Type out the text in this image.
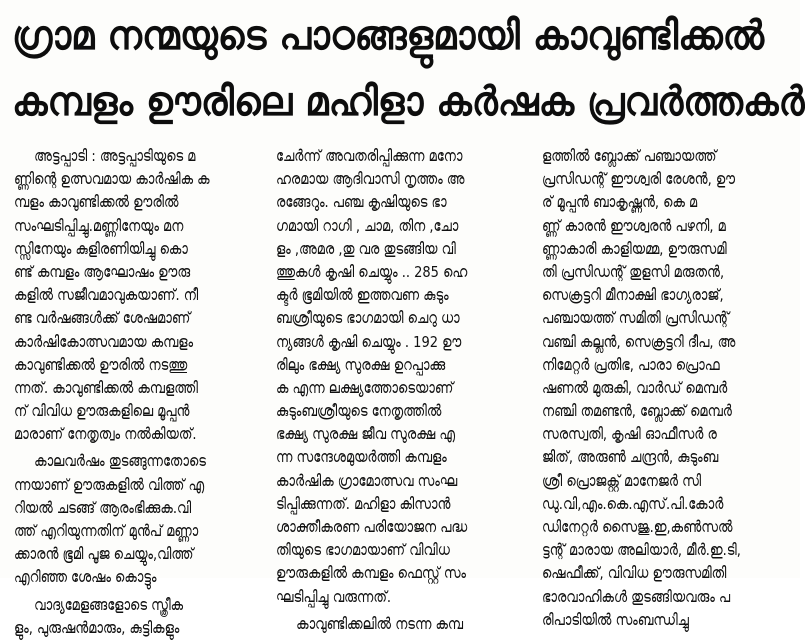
ഗ്രാമ നന്മയുടെ പാഠങ്ങളുമായി കാവുണ്ടിക്കൽ
കമ്പളം ഊരിലെ മഹിളാ കർഷക പ്രവർത്തകർ
അട്ടപ്പാടി : അട്ടപ്പാടിയുടെ മ
ണ്ണിന്റെ ഉത്സവമായ കാർഷിക ക
മ്പളം കാവുണ്ടിക്കൽ ഊരിൽ
സംഘടിപ്പിച്ചു.മണ്ണിനേയും മന
സ്സിനേയും കുളിരണിയിച്ചു കൊ
ണ്ട് കമ്പളം ആഘോഷം ഊരു
കളിൽ സജീവമാവുകയാണ്. നീ
ണ്ട വർഷങ്ങൾക്ക് ശേഷമാണ്
കാർഷികോത്സവമായ കമ്പളം
കാവുണ്ടിക്കൽ ഊരിൽ നടത്തു
ന്നത്. കാവുണ്ടിക്കൽ കമ്പളത്തി
ന് വിവിധ ഊരുകളിലെ മൂപ്പൻ
മാരാണ് നേതൃത്വം നൽകിയത്.
കാലവർഷം തുടങ്ങുന്നതോടെ
ന്നയാണ് ഊരുകളിൽ വിത്ത് എ
റിയൽ ചടങ്ങ് ആരംഭിക്കുക.വി
ത്ത് എറിയുന്നതിന് മുൻപ് മണ്ണാ
ക്കാരൻ ഭൂമി പൂജ ചെയ്യും,വിത്ത്
എറിഞ്ഞ ശേഷം കൊട്ടും
വാദ്യമേളങ്ങളോടെ സ്ത്രീക
ളും, പുരുഷൻമാരും, കുട്ടികളും
ചേർന്ന് അവതരിപ്പിക്കുന്ന മനോ
ഹരമായ ആദിവാസി നൃത്തം അ
രങ്ങേറും. പഞ്ച കൃഷിയുടെ ഭാ
ഗമായി റാഗി , ചാമ, തിന ,ചോ
ളം ,അമര ,തു വര തുടങ്ങിയ വി
ത്തുകൾ കൃഷി ചെയ്യും .. 285 ഹെ
ക്ടർ ഭൂമിയിൽ ഇത്തവണ കുടും
ബശ്രീയുടെ ഭാഗമായി ചെറു ധാ
ന്യങ്ങൾ കൃഷി ചെയ്യും . 192 ഊ
രിലും ഭക്ഷ്യ സുരക്ഷ ഉറപ്പാക്കു
ക എന്ന ലക്ഷ്യത്തോടെയാണ്
കുടുംബശ്രീയുടെ നേതൃത്തിൽ
ഭക്ഷ്യ സുരക്ഷ ജീവ സുരക്ഷ എ
ന്ന സന്ദേശമുയർത്തി കമ്പളം
കാർഷിക ഗ്രാമോത്സവ സംഘ
ടിപ്പിക്കുന്നത്. മഹിളാ കിസാൻ
ശാക്തീകരണ പരിയോജന പദ്ധ
തിയുടെ ഭാഗമായാണ് വിവിധ
ഊരുകളിൽ കമ്പളം ഫെസ്റ്റ് സം
ഘടിപ്പിച്ചു വരുന്നത്.
കാവുണ്ടിക്കലിൽ നടന്ന കമ്പ
ളത്തിൽ ബ്ലോക്ക് പഞ്ചായത്ത്
പ്രസിഡന്റ് ഈശ്വരി രേശൻ, ഊ
ര് മൂപ്പൻ ബാകൃഷ്ണൻ, കെ മ
ണ്ണ് കാരൻ ഈശ്വരൻ പഴനി, മ
ണ്ണാകാരി കാളിയമ്മ, ഊരുസമി
തി പ്രസിഡന്റ് തുളസി മരുതൻ,
സെക്രട്ടറി മീനാക്ഷി ഭാഗ്യരാജ്,
പഞ്ചായത്ത് സമിതി പ്രസിഡന്റ്
വഞ്ചി കല്ലൻ, സെക്രട്ടറി ദീപ, അ
നിമേറ്റർ പ്രതിഭ, പാരാ പ്രൊഫ
ഷണൽ മുരുകി, വാർഡ് മെമ്പർ
നഞ്ചി തമണ്ടൻ, ബ്ലോക്ക് മെമ്പർ
സരസ്വതി, കൃഷി ഓഫീസർ ര
ജിത്, അരുൺ ചന്ദ്രൻ, കുടുംബ
ശ്രീ പ്രൊജക്റ്റ് മാനേജർ സി
ഡു.വി,എം.കെ.എസ്.പി.കോർ
ഡിനേറ്റർ സൈജു.ഇ,കൺസൽ
ട്ടന്റ് മാരായ അലിയാർ, മീർ.ഇ.ടി,
ഷെഫീക്ക്, വിവിധ ഊരുസമിതി
ഭാരവാഹികൾ തുടങ്ങിയവരും പ
രിപാടിയിൽ സംബന്ധിച്ചു
